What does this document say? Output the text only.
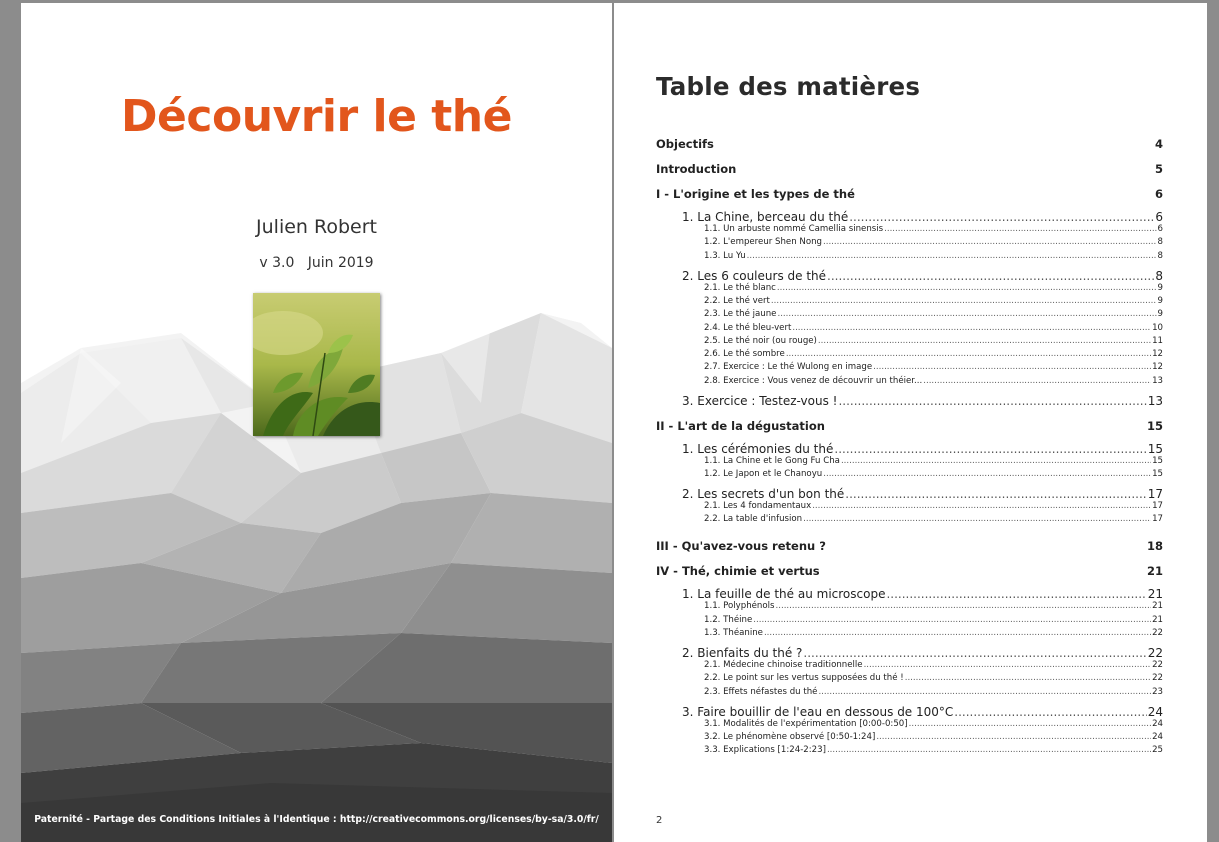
Découvrir le thé
Julien Robert
v 3.0   Juin 2019
Paternité - Partage des Conditions Initiales à l'Identique : http://creativecommons.org/licenses/by-sa/3.0/fr/
Table des matières
Objectifs	4
Introduction	5
I - L'origine et les types de thé	6
1. La Chine, berceau du thé .....	6
1.1. Un arbuste nommé Camellia sinensis .....	6
1.2. L'empereur Shen Nong .....	8
1.3. Lu Yu .....	8
2. Les 6 couleurs de thé .....	8
2.1. Le thé blanc .....	9
2.2. Le thé vert .....	9
2.3. Le thé jaune .....	9
2.4. Le thé bleu-vert .....	10
2.5. Le thé noir (ou rouge) .....	11
2.6. Le thé sombre .....	12
2.7. Exercice : Le thé Wulong en image .....	12
2.8. Exercice : Vous venez de découvrir un théier... .....	13
3. Exercice : Testez-vous ! .....	13
II - L'art de la dégustation	15
1. Les cérémonies du thé .....	15
1.1. La Chine et le Gong Fu Cha .....	15
1.2. Le Japon et le Chanoyu .....	15
2. Les secrets d'un bon thé .....	17
2.1. Les 4 fondamentaux .....	17
2.2. La table d'infusion .....	17
III - Qu'avez-vous retenu ?	18
IV - Thé, chimie et vertus	21
1. La feuille de thé au microscope .....	21
1.1. Polyphénols .....	21
1.2. Théine .....	21
1.3. Théanine .....	22
2. Bienfaits du thé ? .....	22
2.1. Médecine chinoise traditionnelle .....	22
2.2. Le point sur les vertus supposées du thé ! .....	22
2.3. Effets néfastes du thé .....	23
3. Faire bouillir de l'eau en dessous de 100°C .....	24
3.1. Modalités de l'expérimentation [0:00-0:50] .....	24
3.2. Le phénomène observé [0:50-1:24] .....	24
3.3. Explications [1:24-2:23] .....	25
2
